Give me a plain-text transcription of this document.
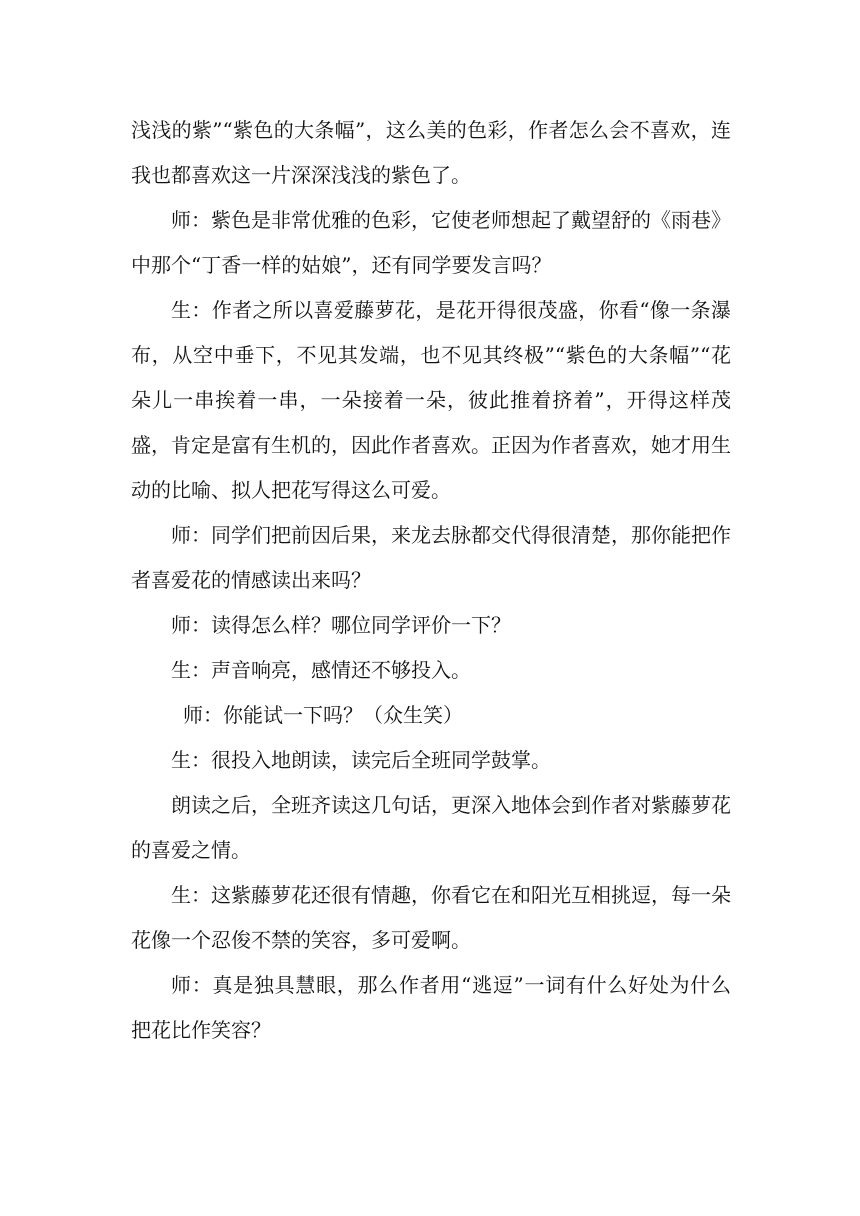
浅浅的紫”“紫色的大条幅”，这么美的色彩，作者怎么会不喜欢，连我也都喜欢这一片深深浅浅的紫色了。

师：紫色是非常优雅的色彩，它使老师想起了戴望舒的《雨巷》中那个“丁香一样的姑娘”，还有同学要发言吗？

生：作者之所以喜爱藤萝花，是花开得很茂盛，你看“像一条瀑布，从空中垂下，不见其发端，也不见其终极”“紫色的大条幅”“花朵儿一串挨着一串，一朵接着一朵，彼此推着挤着”，开得这样茂盛，肯定是富有生机的，因此作者喜欢。正因为作者喜欢，她才用生动的比喻、拟人把花写得这么可爱。

师：同学们把前因后果，来龙去脉都交代得很清楚，那你能把作者喜爱花的情感读出来吗？

师：读得怎么样？哪位同学评价一下？

生：声音响亮，感情还不够投入。

师：你能试一下吗？（众生笑）

生：很投入地朗读，读完后全班同学鼓掌。

朗读之后，全班齐读这几句话，更深入地体会到作者对紫藤萝花的喜爱之情。

生：这紫藤萝花还很有情趣，你看它在和阳光互相挑逗，每一朵花像一个忍俊不禁的笑容，多可爱啊。

师：真是独具慧眼，那么作者用“逃逗”一词有什么好处为什么把花比作笑容？
